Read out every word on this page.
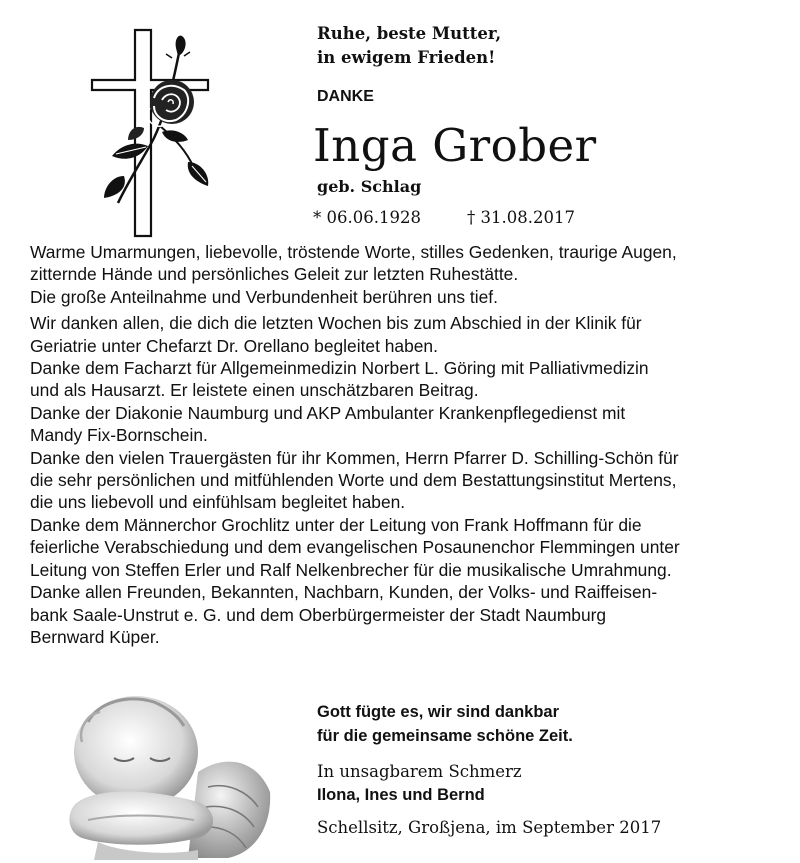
Ruhe, beste Mutter,
in ewigem Frieden!

DANKE
Inga Grober
geb. Schlag
* 06.06.1928	† 31.08.2017

Warme Umarmungen, liebevolle, tröstende Worte, stilles Gedenken, traurige Augen,
zitternde Hände und persönliches Geleit zur letzten Ruhestätte.
Die große Anteilnahme und Verbundenheit berühren uns tief.

Wir danken allen, die dich die letzten Wochen bis zum Abschied in der Klinik für
Geriatrie unter Chefarzt Dr. Orellano begleitet haben.
Danke dem Facharzt für Allgemeinmedizin Norbert L. Göring mit Palliativmedizin
und als Hausarzt. Er leistete einen unschätzbaren Beitrag.
Danke der Diakonie Naumburg und AKP Ambulanter Krankenpflegedienst mit
Mandy Fix-Bornschein.
Danke den vielen Trauergästen für ihr Kommen, Herrn Pfarrer D. Schilling-Schön für
die sehr persönlichen und mitfühlenden Worte und dem Bestattungsinstitut Mertens,
die uns liebevoll und einfühlsam begleitet haben.
Danke dem Männerchor Grochlitz unter der Leitung von Frank Hoffmann für die
feierliche Verabschiedung und dem evangelischen Posaunenchor Flemmingen unter
Leitung von Steffen Erler und Ralf Nelkenbrecher für die musikalische Umrahmung.
Danke allen Freunden, Bekannten, Nachbarn, Kunden, der Volks- und Raiffeisen-
bank Saale-Unstrut e. G. und dem Oberbürgermeister der Stadt Naumburg
Bernward Küper.

Gott fügte es, wir sind dankbar
für die gemeinsame schöne Zeit.

In unsagbarem Schmerz
Ilona, Ines und Bernd
Schellsitz, Großjena, im September 2017
